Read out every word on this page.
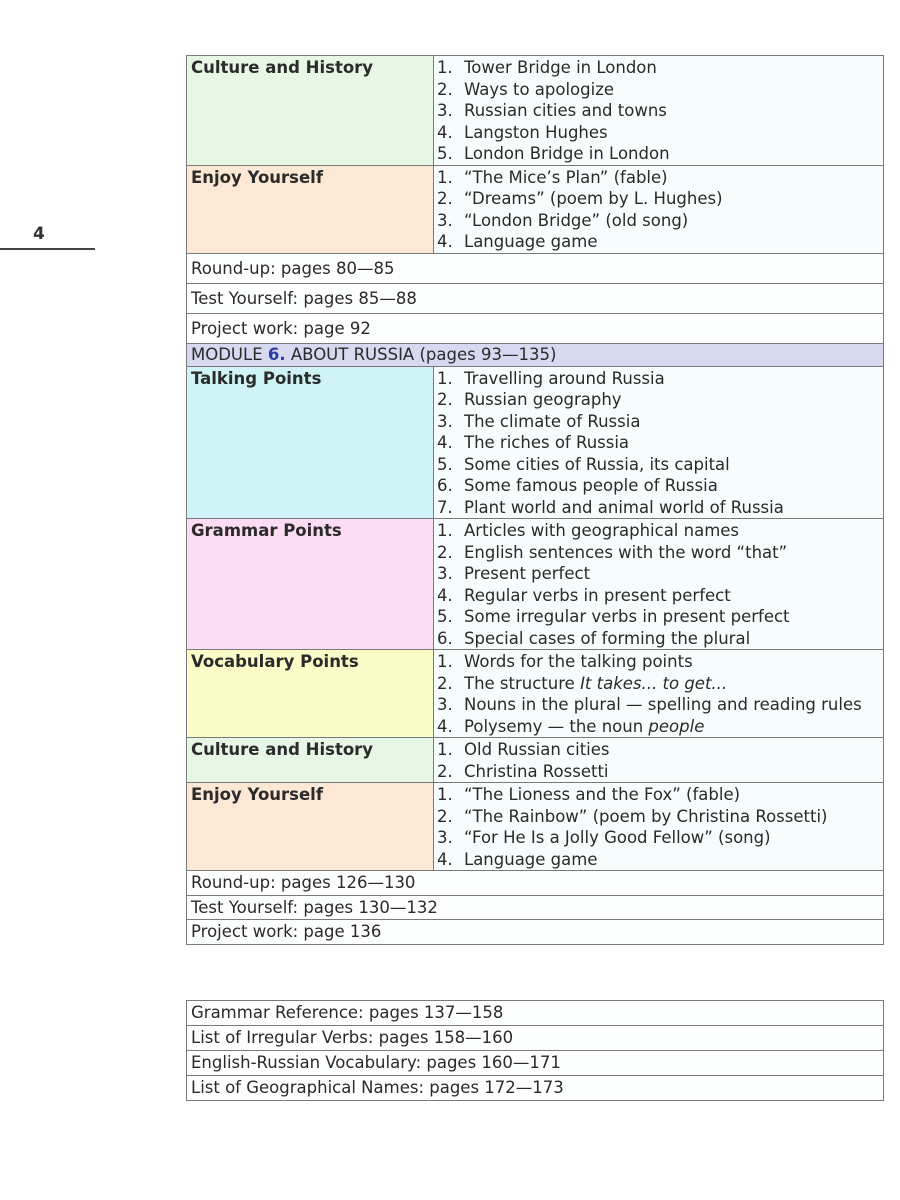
4
Culture and History	1. Tower Bridge in London
2. Ways to apologize
3. Russian cities and towns
4. Langston Hughes
5. London Bridge in London
Enjoy Yourself	1. “The Mice’s Plan” (fable)
2. “Dreams” (poem by L. Hughes)
3. “London Bridge” (old song)
4. Language game
Round-up: pages 80—85
Test Yourself: pages 85—88
Project work: page 92
MODULE 6. ABOUT RUSSIA (pages 93—135)
Talking Points	1. Travelling around Russia
2. Russian geography
3. The climate of Russia
4. The riches of Russia
5. Some cities of Russia, its capital
6. Some famous people of Russia
7. Plant world and animal world of Russia
Grammar Points	1. Articles with geographical names
2. English sentences with the word “that”
3. Present perfect
4. Regular verbs in present perfect
5. Some irregular verbs in present perfect
6. Special cases of forming the plural
Vocabulary Points	1. Words for the talking points
2. The structure It takes... to get...
3. Nouns in the plural — spelling and reading rules
4. Polysemy — the noun people
Culture and History	1. Old Russian cities
2. Christina Rossetti
Enjoy Yourself	1. “The Lioness and the Fox” (fable)
2. “The Rainbow” (poem by Christina Rossetti)
3. “For He Is a Jolly Good Fellow” (song)
4. Language game
Round-up: pages 126—130
Test Yourself: pages 130—132
Project work: page 136
Grammar Reference: pages 137—158
List of Irregular Verbs: pages 158—160
English-Russian Vocabulary: pages 160—171
List of Geographical Names: pages 172—173
